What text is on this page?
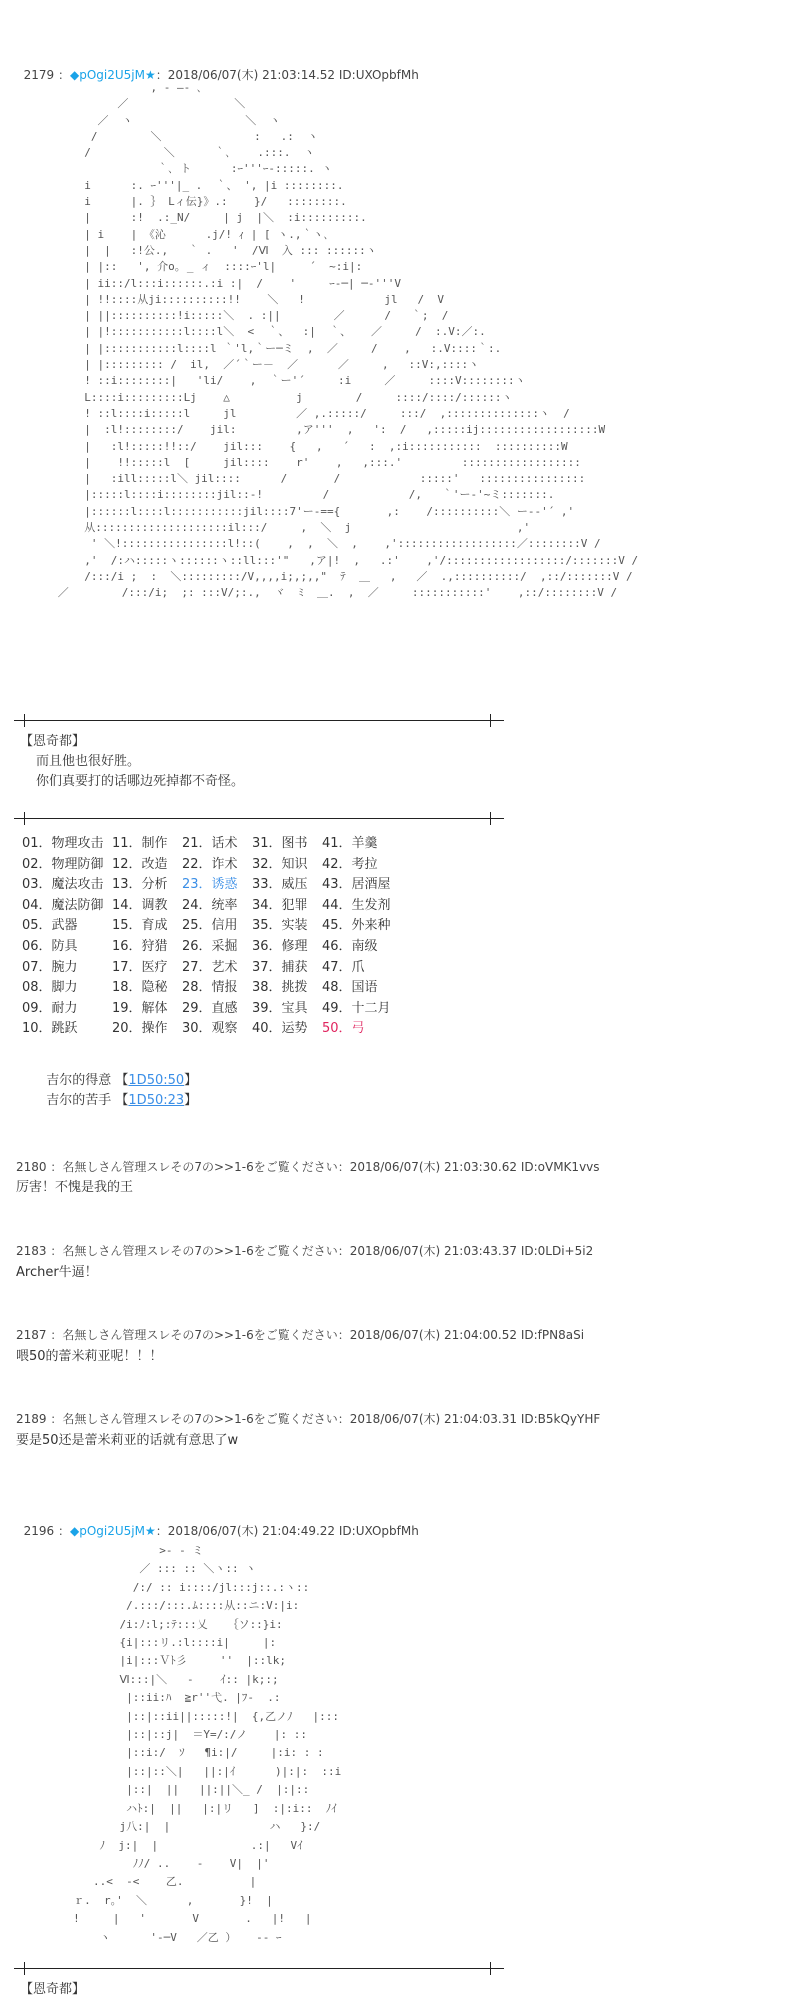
2179 ：◆pOgi2U5jM★：2018/06/07(木) 21:03:14.52 ID:UXOpbfMh

, ‐ ―- ､
／                ＼
／  ヽ                 ＼  ヽ
/        ＼              :   .:  ヽ
/           ＼      ｀､    .:::.  ヽ
｀､ ト      :ｰ'''ｰ-:::::. ヽ
i      :. ｰ'''|_ .  ｀、 ', |i ::::::::.
i      |. ｝ Lィ伝}》.:    }/   ::::::::.
|      :!  .:_N/     | j  |＼  :i:::::::::.
| i    | 《沁      .j/! ｨ | [ ヽ.,｀ヽ､
|  |   :!公.,   ｀ .   '  /Ⅵ  入 ::: ::::::ヽ
| |::   ', 介o｡ _ ィ  ::::ｰ'l|     ´  ~:i|:
| ii::/l:::i::::::.:i :|  /    '     ｰ-─| ─‐'''V
| !!::::从ji::::::::::!!    ＼   !            jl   /  V
| ||::::::::::!i:::::＼  . :||        ／      /   ｀;  /
| |!:::::::::::l::::l＼  <  ｀、  :|  ｀、   ／     /  :.V:／:.
| |:::::::::::l::::l ｀'l,｀ー─ミ  ,  ／     /    ,   :.V::::｀:.
| |::::::::: /  il,  ／´｀ー－  ／      ／     ,   ::V:,::::ヽ
! ::i::::::::|   'li/    ,  ｀ー'´     :i     ／     ::::V::::::::ヽ
L::::i:::::::::Lj    △          j        /     ::::/::::/::::::ヽ
! ::l::::i:::::l     jl         ／ ,.:::::/     :::/  ,::::::::::::::ヽ  /
|  :l!::::::::/    jil:         ,ア'''  ,   ':  /   ,:::::ij::::::::::::::::::W
|   :l!:::::!!::/    jil:::    {   ,   ´   :  ,:i:::::::::::  ::::::::::W
|    !!:::::l  [     jil::::    r'    ,   ,:::.'         ::::::::::::::::::
|   :ill:::::l＼ jil::::      /       /            :::::'   ::::::::::::::::
|:::::l::::i::::::::jil::‐!         /            /,   ｀'ー‐'~ミ:::::::.
|::::::l::::l:::::::::::jil::::7'ー-=={       ,:    /::::::::::＼ ー--'´ ,'
从::::::::::::::::::::il:::/     ,  ＼  j                         ,'
' ＼!::::::::::::::::l!::(    ,  ,  ＼  ,    ,'::::::::::::::::::／::::::::V /
,'  /:ハ:::::ヽ::::::ヽ::ll:::'"   ,ア|!  ,   .:'    ,'/::::::::::::::::::/:::::::V /
/:::/i ;  :  ＼:::::::::/V,,,,i;,;,,"  ﾃ  ＿   ,   ／  .,::::::::::/  ,::/:::::::V /
／        /:::/i;  ;: :::V/;:.,  ヾ  ﾐ  ＿.  ,  ／     :::::::::::'    ,::/::::::::V /
【恩奇都】
而且他也很好胜。
你们真要打的话哪边死掉都不奇怪。
01．物理攻击 11．制作 21．话术 31．图书 41．羊羹
02．物理防御 12．改造 22．诈术 32．知识 42．考拉
03．魔法攻击 13．分析 23．诱惑 33．威压 43．居酒屋
04．魔法防御 14．调教 24．统率 34．犯罪 44．生发剂
05．武器	15．育成 25．信用 35．实装 45．外来种
06．防具	16．狩猎 26．采掘 36．修理 46．南级
07．腕力	17．医疗 27．艺术 37．捕获 47．爪
08．脚力	18．隐秘 28．情报 38．挑拨 48．国语
09．耐力	19．解体 29．直感 39．宝具 49．十二月
10．跳跃	20．操作 30．观察 40．运势 50．弓

吉尔的得意 【1D50:50】

吉尔的苦手 【1D50:23】

2180 ：名無しさん管理スレその7の>>1-6をご覧ください：2018/06/07(木) 21:03:30.62 ID:oVMK1vvs
厉害！不愧是我的王
2183 ：名無しさん管理スレその7の>>1-6をご覧ください：2018/06/07(木) 21:03:43.37 ID:0LDi+5i2
Archer牛逼！
2187 ：名無しさん管理スレその7の>>1-6をご覧ください：2018/06/07(木) 21:04:00.52 ID:fPN8aSi
喂50的蕾米莉亚呢！！！
2189 ：名無しさん管理スレその7の>>1-6をご覧ください：2018/06/07(木) 21:04:03.31 ID:B5kQyYHF
要是50还是蕾米莉亚的话就有意思了w

2196 ：◆pOgi2U5jM★：2018/06/07(木) 21:04:49.22 ID:UXOpbfMh

>‐ ‐ ミ
／ ::: :: ＼ヽ:: ヽ
/:/ :: i::::/jl:::j::.:ヽ::
/.:::/:::.ﾑ::::从::ニ:V:|i:
/i:ﾉ:l;:ﾃ:::乂   ｛ソ::}i:
{i|:::リ.:l::::i|     |:
|i|:::Ｖﾄ彡     ''  |::lk;
Ⅵ:::|＼   ‐    ｲ:: |k;:;
|::ii:ﾊ  ≧r''弋. |ﾌ‐  .:
|::|::ii||:::::!|  {,乙ノﾉ   |:::
|::|::j|  ＝Y=/:/ノ    |: ::
|::i:/  ｿ   ¶i:|/     |:i: : :
|::|::＼|   ||:|ｲ      )|:|:  ::i
|::|  ||   ||:||＼_ /  |:|::
ハﾄ:|  ||   |:|リ   ]  :|:i::  ﾉｲ
j八:|  |               ハ   }:/
ﾉ  j:|  |              .:|   Vｲ
ﾉﾉ/ ..    ‐    V|  |'
..<  ‐<    乙.          |
ｒ.  r｡'  ＼      ,       }!  |
!     |   '       V       .   |!   |
ヽ      '‐─V   ／乙 ）   ‐‐ ｰ
【恩奇都】
